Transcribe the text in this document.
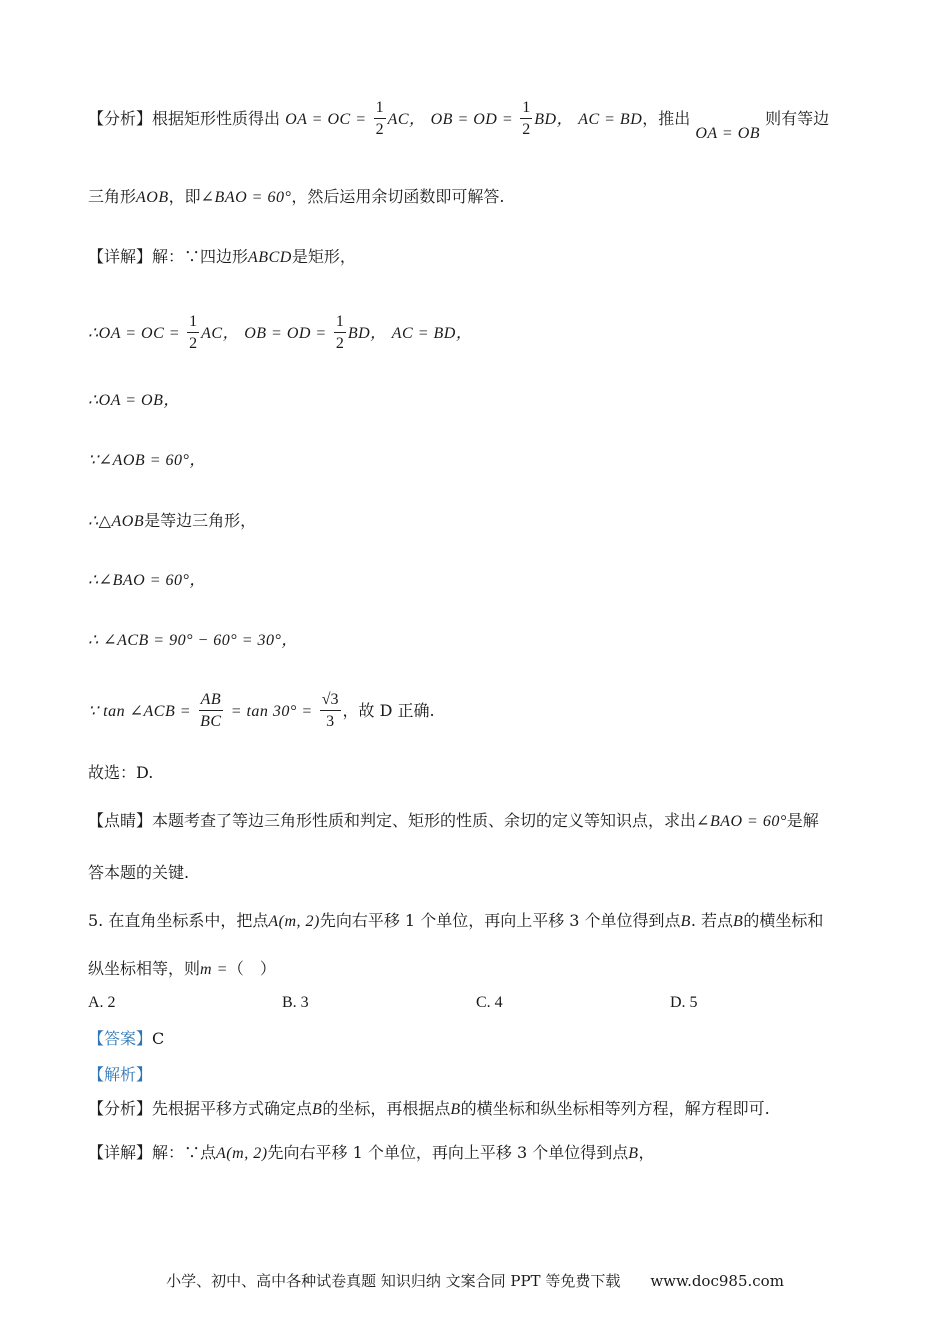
【分析】根据矩形性质得出 OA = OC = $\frac{1}{2}$ AC， OB = OD = $\frac{1}{2}$ BD， AC = BD，推出 OA = OB 则有等边
三角形AOB，即∠BAO = 60°，然后运用余切函数即可解答.
【详解】解：∵四边形ABCD是矩形，
∴OA = OC = $\frac{1}{2}$ AC， OB = OD = $\frac{1}{2}$ BD， AC = BD，
∴OA = OB，
∵∠AOB = 60°，
∴△AOB是等边三角形，
∴∠BAO = 60°，
∴ ∠ACB = 90° − 60° = 30°，
∵ tan ∠ACB = $\frac{AB}{BC} = \tan 30^\circ = \frac{√3}{3}$ ，故 D 正确.
故选：D.
【点睛】本题考查了等边三角形性质和判定、矩形的性质、余切的定义等知识点，求出∠BAO = 60°是解
答本题的关键.
5. 在直角坐标系中，把点A(m, 2)先向右平移 1 个单位，再向上平移 3 个单位得到点B. 若点B的横坐标和
纵坐标相等，则m =（　）
A. 2	B. 3	C. 4	D. 5
【答案】C
【解析】
【分析】先根据平移方式确定点B的坐标，再根据点B的横坐标和纵坐标相等列方程，解方程即可.
【详解】解：∵点A(m, 2)先向右平移 1 个单位，再向上平移 3 个单位得到点B，
小学、初中、高中各种试卷真题 知识归纳 文案合同 PPT 等免费下载　　www.doc985.com
